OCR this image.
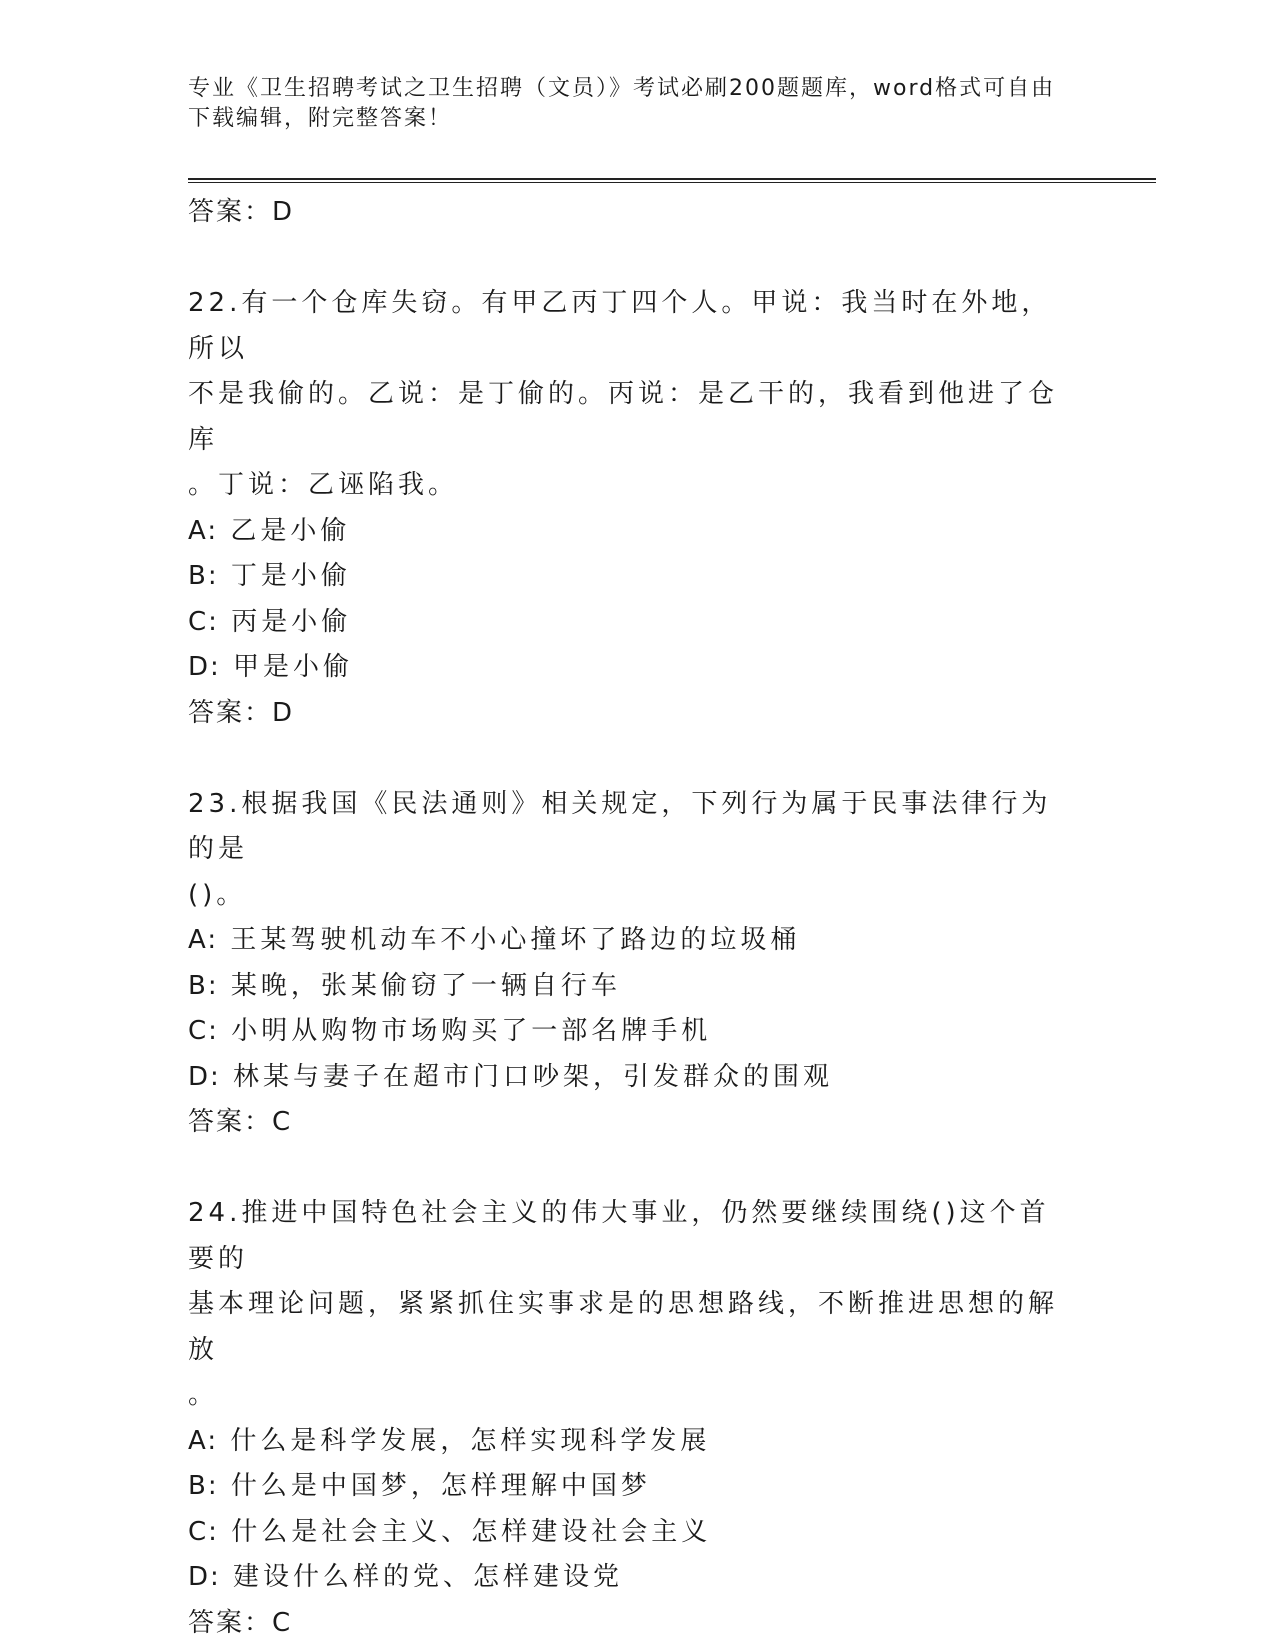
专业《卫生招聘考试之卫生招聘（文员）》考试必刷200题题库，word格式可自由下载编辑，附完整答案！
答案：D
22.有一个仓库失窃。有甲乙丙丁四个人。甲说：我当时在外地，所以
不是我偷的。乙说：是丁偷的。丙说：是乙干的，我看到他进了仓库
。丁说：乙诬陷我。
A: 乙是小偷
B: 丁是小偷
C: 丙是小偷
D: 甲是小偷
答案：D
23.根据我国《民法通则》相关规定，下列行为属于民事法律行为的是
()。
A: 王某驾驶机动车不小心撞坏了路边的垃圾桶
B: 某晚，张某偷窃了一辆自行车
C: 小明从购物市场购买了一部名牌手机
D: 林某与妻子在超市门口吵架，引发群众的围观
答案：C
24.推进中国特色社会主义的伟大事业，仍然要继续围绕()这个首要的
基本理论问题，紧紧抓住实事求是的思想路线，不断推进思想的解放
。
A: 什么是科学发展，怎样实现科学发展
B: 什么是中国梦，怎样理解中国梦
C: 什么是社会主义、怎样建设社会主义
D: 建设什么样的党、怎样建设党
答案：C
